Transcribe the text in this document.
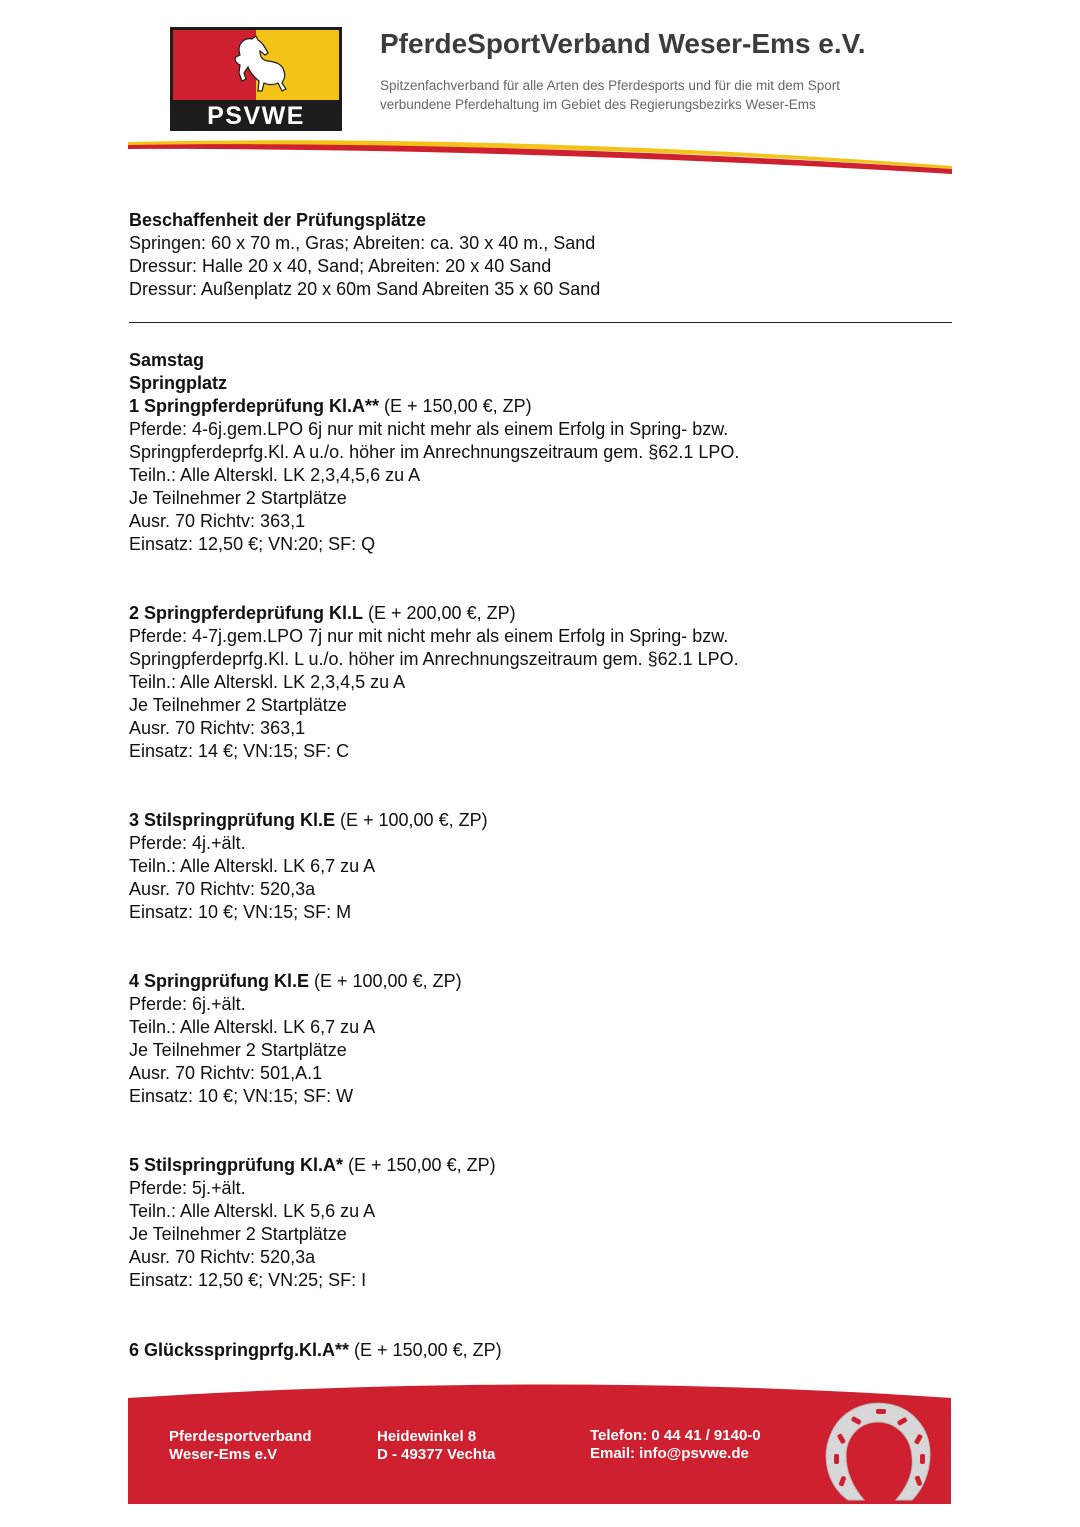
PSVWE
PferdeSportVerband Weser-Ems e.V.
Spitzenfachverband für alle Arten des Pferdesports und für die mit dem Sport
verbundene Pferdehaltung im Gebiet des Regierungsbezirks Weser-Ems
Beschaffenheit der Prüfungsplätze
Springen: 60 x 70 m., Gras; Abreiten: ca. 30 x 40 m., Sand
Dressur: Halle 20 x 40, Sand; Abreiten: 20 x 40 Sand
Dressur: Außenplatz 20 x 60m Sand Abreiten 35 x 60 Sand
Samstag
Springplatz
1 Springpferdeprüfung Kl.A** (E + 150,00 €, ZP)
Pferde: 4-6j.gem.LPO 6j nur mit nicht mehr als einem Erfolg in Spring- bzw.
Springpferdeprfg.Kl. A u./o. höher im Anrechnungszeitraum gem. §62.1 LPO.
Teiln.: Alle Alterskl. LK 2,3,4,5,6 zu A
Je Teilnehmer 2 Startplätze
Ausr. 70 Richtv: 363,1
Einsatz: 12,50 €; VN:20; SF: Q
2 Springpferdeprüfung Kl.L (E + 200,00 €, ZP)
Pferde: 4-7j.gem.LPO 7j nur mit nicht mehr als einem Erfolg in Spring- bzw.
Springpferdeprfg.Kl. L u./o. höher im Anrechnungszeitraum gem. §62.1 LPO.
Teiln.: Alle Alterskl. LK 2,3,4,5 zu A
Je Teilnehmer 2 Startplätze
Ausr. 70 Richtv: 363,1
Einsatz: 14 €; VN:15; SF: C
3 Stilspringprüfung Kl.E (E + 100,00 €, ZP)
Pferde: 4j.+ält.
Teiln.: Alle Alterskl. LK 6,7 zu A
Ausr. 70 Richtv: 520,3a
Einsatz: 10 €; VN:15; SF: M
4 Springprüfung Kl.E (E + 100,00 €, ZP)
Pferde: 6j.+ält.
Teiln.: Alle Alterskl. LK 6,7 zu A
Je Teilnehmer 2 Startplätze
Ausr. 70 Richtv: 501,A.1
Einsatz: 10 €; VN:15; SF: W
5 Stilspringprüfung Kl.A* (E + 150,00 €, ZP)
Pferde: 5j.+ält.
Teiln.: Alle Alterskl. LK 5,6 zu A
Je Teilnehmer 2 Startplätze
Ausr. 70 Richtv: 520,3a
Einsatz: 12,50 €; VN:25; SF: I
6 Glücksspringprfg.Kl.A** (E + 150,00 €, ZP)
Pferdesportverband
Weser-Ems e.V
Heidewinkel 8
D - 49377 Vechta
Telefon: 0 44 41 / 9140-0
Email: info@psvwe.de
